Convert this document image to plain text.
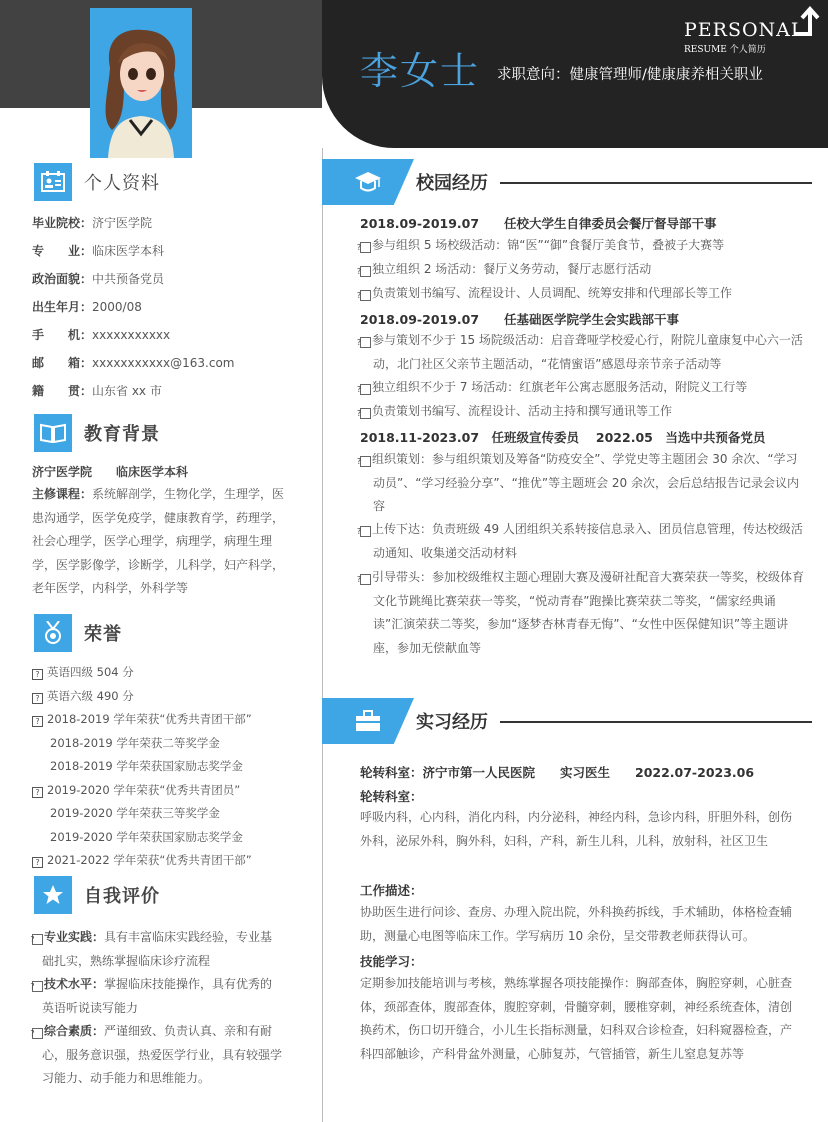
李女士 求职意向：健康管理师/健康康养相关职业
PERSONAL
RESUME 个人简历
个人资料
毕业院校：济宁医学院
专　　业：临床医学本科
政治面貌：中共预备党员
出生年月：2000/08
手　　机：xxxxxxxxxxx
邮　　箱：xxxxxxxxxxx@163.com
籍　　贯：山东省 xx 市
教育背景
济宁医学院　　临床医学本科
主修课程：系统解剖学，生物化学，生理学，医患沟通学，医学免疫学，健康教育学，药理学，社会心理学，医学心理学，病理学，病理生理学，医学影像学，诊断学，儿科学，妇产科学，老年医学，内科学，外科学等
荣誉
? 英语四级 504 分
? 英语六级 490 分
? 2018-2019 学年荣获“优秀共青团干部”
2018-2019 学年荣获二等奖学金
2018-2019 学年荣获国家励志奖学金
? 2019-2020 学年荣获“优秀共青团员”
2019-2020 学年荣获三等奖学金
2019-2020 学年荣获国家励志奖学金
? 2021-2022 学年荣获“优秀共青团干部”
自我评价
? 专业实践：具有丰富临床实践经验，专业基础扎实，熟练掌握临床诊疗流程
? 技术水平：掌握临床技能操作，具有优秀的英语听说读写能力
? 综合素质：严谨细致、负责认真、亲和有耐心，服务意识强，热爱医学行业，具有较强学习能力、动手能力和思维能力。
校园经历
2018.09-2019.07　　任校大学生自律委员会餐厅督导部干事
? 参与组织 5 场校级活动：锦“医”“御”食餐厅美食节，叠被子大赛等
? 独立组织 2 场活动：餐厅义务劳动，餐厅志愿行活动
? 负责策划书编写、流程设计、人员调配、统筹安排和代理部长等工作
2018.09-2019.07　　任基础医学院学生会实践部干事
? 参与策划不少于 15 场院级活动：启音聋哑学校爱心行，附院儿童康复中心六一活动，北门社区父亲节主题活动，“花情蜜语”感恩母亲节亲子活动等
? 独立组织不少于 7 场活动：红旗老年公寓志愿服务活动，附院义工行等
? 负责策划书编写、流程设计、活动主持和撰写通讯等工作
2018.11-2023.07　任班级宣传委员　 2022.05　当选中共预备党员
? 组织策划：参与组织策划及筹备“防疫安全”、学党史等主题团会 30 余次、“学习动员”、“学习经验分享”、“推优”等主题班会 20 余次，会后总结报告记录会议内容
? 上传下达：负责班级 49 人团组织关系转接信息录入、团员信息管理，传达校级活动通知、收集递交活动材料
? 引导带头：参加校级维权主题心理剧大赛及漫研社配音大赛荣获一等奖，校级体育文化节跳绳比赛荣获一等奖，“悦动青春”跑操比赛荣获二等奖，“儒家经典诵读”汇演荣获二等奖，参加“逐梦杏林青春无悔”、“女性中医保健知识”等主题讲座，参加无偿献血等
实习经历
轮转科室：济宁市第一人民医院　　实习医生　　2022.07-2023.06
轮转科室：
呼吸内科，心内科，消化内科，内分泌科，神经内科，急诊内科，肝胆外科，创伤外科，泌尿外科，胸外科，妇科，产科，新生儿科，儿科，放射科，社区卫生
工作描述：
协助医生进行问诊、查房、办理入院出院，外科换药拆线，手术辅助，体格检查辅助，测量心电图等临床工作。学写病历 10 余份，呈交带教老师获得认可。
技能学习：
定期参加技能培训与考核，熟练掌握各项技能操作：胸部查体，胸腔穿刺，心脏查体，颈部查体，腹部查体，腹腔穿刺，骨髓穿刺，腰椎穿刺，神经系统查体，清创换药术，伤口切开缝合，小儿生长指标测量，妇科双合诊检查，妇科窥器检查，产科四部触诊，产科骨盆外测量，心肺复苏，气管插管，新生儿窒息复苏等
